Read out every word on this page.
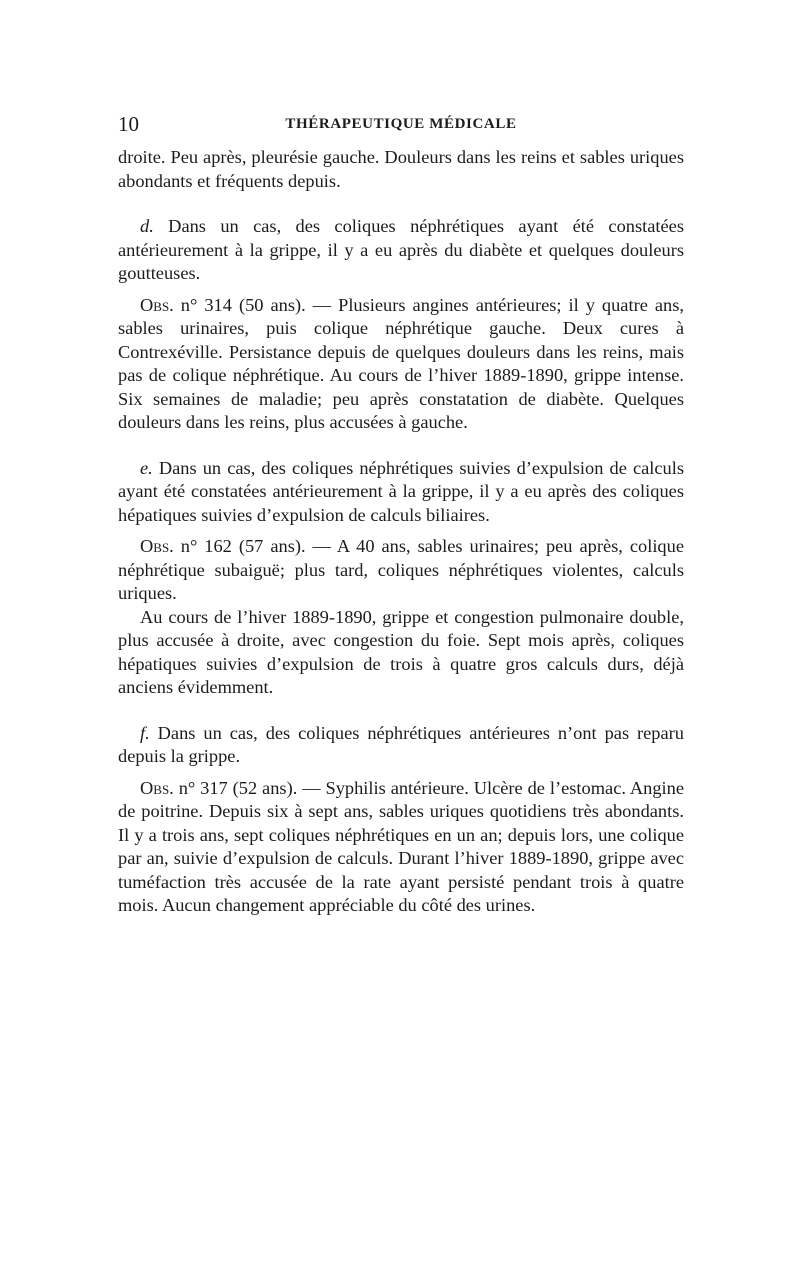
10	THÉRAPEUTIQUE MÉDICALE

droite. Peu après, pleurésie gauche. Douleurs dans les reins et sables uriques abondants et fréquents depuis.

d. Dans un cas, des coliques néphrétiques ayant été constatées antérieurement à la grippe, il y a eu après du diabète et quelques douleurs goutteuses.

Obs. n° 314 (50 ans). — Plusieurs angines antérieures; il y quatre ans, sables urinaires, puis colique néphrétique gauche. Deux cures à Contrexéville. Persistance depuis de quelques douleurs dans les reins, mais pas de colique néphrétique. Au cours de l’hiver 1889-1890, grippe intense. Six semaines de maladie; peu après constatation de diabète. Quelques douleurs dans les reins, plus accusées à gauche.

e. Dans un cas, des coliques néphrétiques suivies d’expulsion de calculs ayant été constatées antérieurement à la grippe, il y a eu après des coliques hépatiques suivies d’expulsion de calculs biliaires.

Obs. n° 162 (57 ans). — A 40 ans, sables urinaires; peu après, colique néphrétique subaiguë; plus tard, coliques néphrétiques violentes, calculs uriques.

Au cours de l’hiver 1889-1890, grippe et congestion pulmonaire double, plus accusée à droite, avec congestion du foie. Sept mois après, coliques hépatiques suivies d’expulsion de trois à quatre gros calculs durs, déjà anciens évidemment.

f. Dans un cas, des coliques néphrétiques antérieures n’ont pas reparu depuis la grippe.

Obs. n° 317 (52 ans). — Syphilis antérieure. Ulcère de l’estomac. Angine de poitrine. Depuis six à sept ans, sables uriques quotidiens très abondants. Il y a trois ans, sept coliques néphrétiques en un an; depuis lors, une colique par an, suivie d’expulsion de calculs. Durant l’hiver 1889-1890, grippe avec tuméfaction très accusée de la rate ayant persisté pendant trois à quatre mois. Aucun changement appréciable du côté des urines.
